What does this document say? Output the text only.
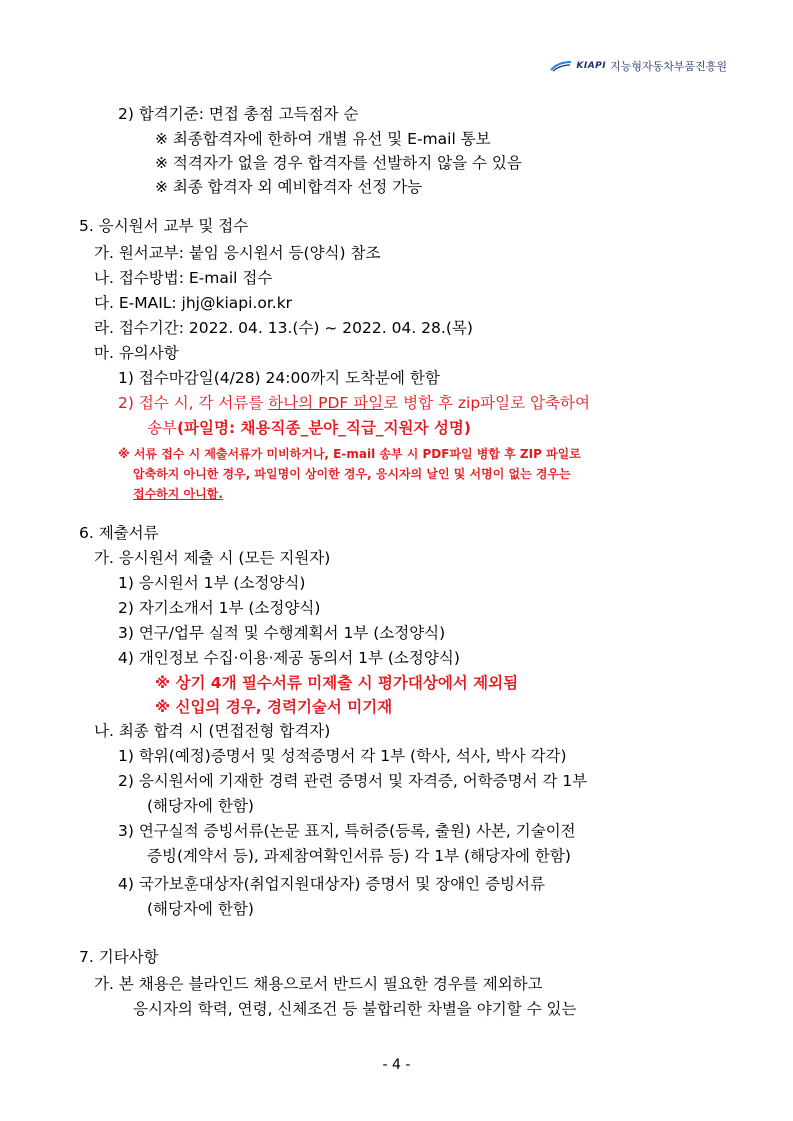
KIAPI 지능형자동차부품진흥원
2) 합격기준: 면접 총점 고득점자 순
※ 최종합격자에 한하여 개별 유선 및 E-mail 통보
※ 적격자가 없을 경우 합격자를 선발하지 않을 수 있음
※ 최종 합격자 외 예비합격자 선정 가능
5. 응시원서 교부 및 접수
가. 원서교부: 붙임 응시원서 등(양식) 참조
나. 접수방법: E-mail 접수
다. E-MAIL: jhj@kiapi.or.kr
라. 접수기간: 2022. 04. 13.(수) ~ 2022. 04. 28.(목)
마. 유의사항
1) 접수마감일(4/28) 24:00까지 도착분에 한함
2) 접수 시, 각 서류를 하나의 PDF 파일로 병합 후 zip파일로 압축하여
송부(파일명: 채용직종_분야_직급_지원자 성명)
※ 서류 접수 시 제출서류가 미비하거나, E-mail 송부 시 PDF파일 병합 후 ZIP 파일로
압축하지 아니한 경우, 파일명이 상이한 경우, 응시자의 날인 및 서명이 없는 경우는
접수하지 아니함.
6. 제출서류
가. 응시원서 제출 시 (모든 지원자)
1) 응시원서 1부 (소정양식)
2) 자기소개서 1부 (소정양식)
3) 연구/업무 실적 및 수행계획서 1부 (소정양식)
4) 개인정보 수집·이용·제공 동의서 1부 (소정양식)
※ 상기 4개 필수서류 미제출 시 평가대상에서 제외됨
※ 신입의 경우, 경력기술서 미기재
나. 최종 합격 시 (면접전형 합격자)
1) 학위(예정)증명서 및 성적증명서 각 1부 (학사, 석사, 박사 각각)
2) 응시원서에 기재한 경력 관련 증명서 및 자격증, 어학증명서 각 1부
(해당자에 한함)
3) 연구실적 증빙서류(논문 표지, 특허증(등록, 출원) 사본, 기술이전
증빙(계약서 등), 과제참여확인서류 등) 각 1부 (해당자에 한함)
4) 국가보훈대상자(취업지원대상자) 증명서 및 장애인 증빙서류
(해당자에 한함)
7. 기타사항
가. 본 채용은 블라인드 채용으로서 반드시 필요한 경우를 제외하고
응시자의 학력, 연령, 신체조건 등 불합리한 차별을 야기할 수 있는
- 4 -
